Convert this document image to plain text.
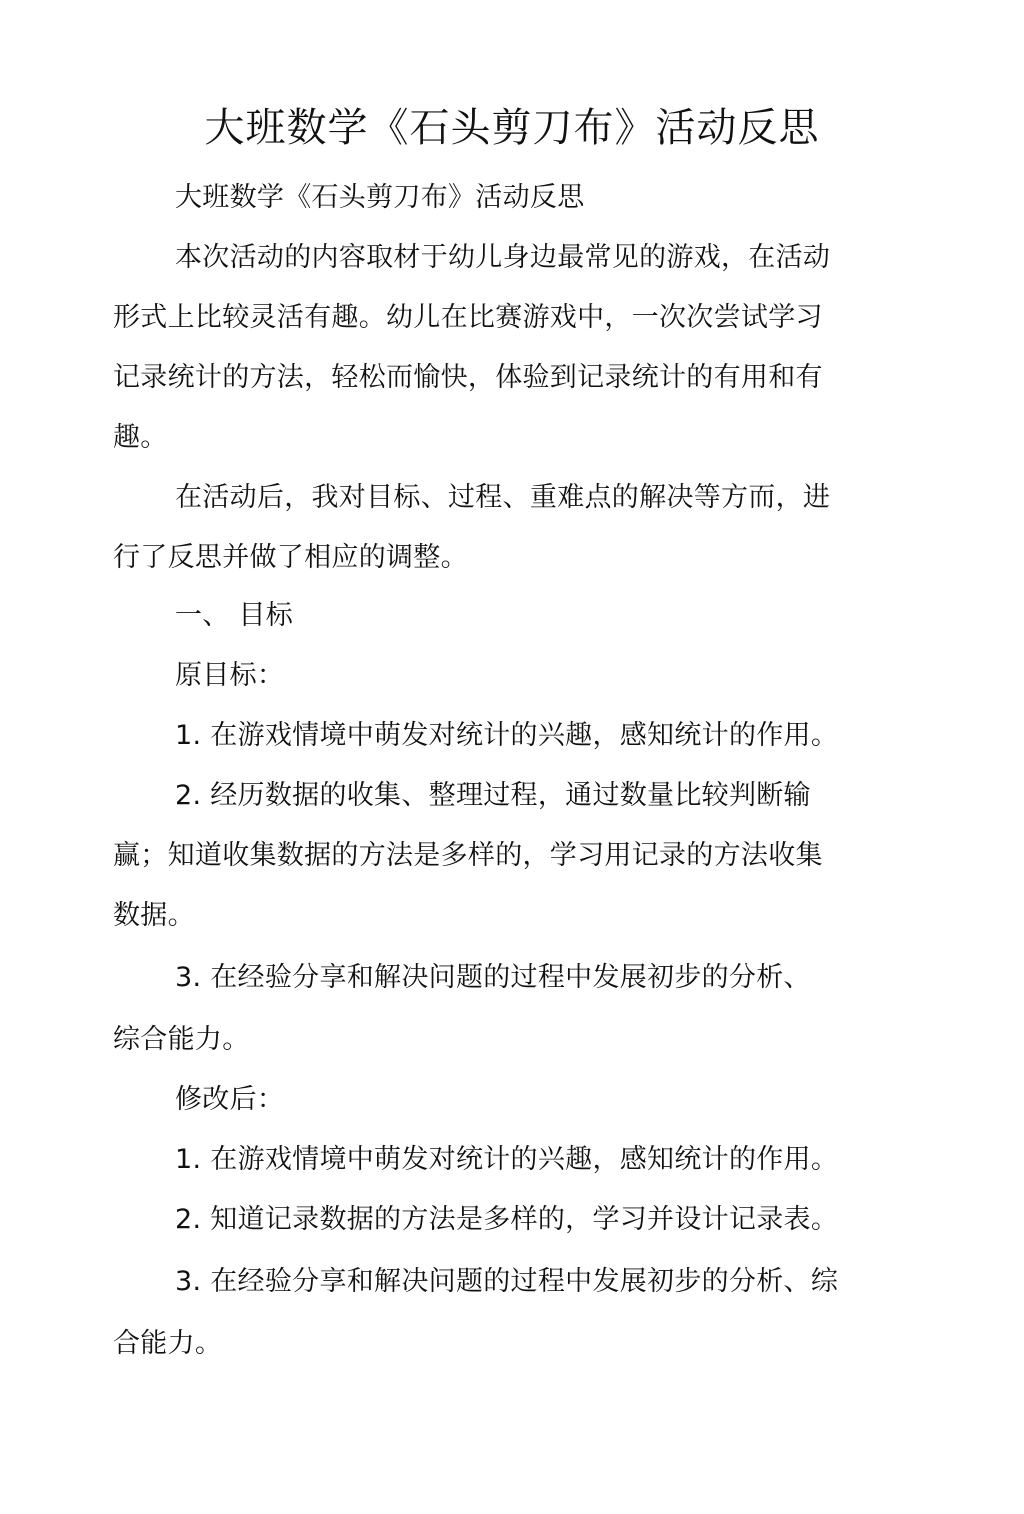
大班数学《石头剪刀布》活动反思
大班数学《石头剪刀布》活动反思
本次活动的内容取材于幼儿身边最常见的游戏，在活动
形式上比较灵活有趣。幼儿在比赛游戏中，一次次尝试学习
记录统计的方法，轻松而愉快，体验到记录统计的有用和有
趣。
在活动后，我对目标、过程、重难点的解决等方而，进
行了反思并做了相应的调整。
一、 目标
原目标：
1. 在游戏情境中萌发对统计的兴趣，感知统计的作用。
2. 经历数据的收集、整理过程，通过数量比较判断输
赢；知道收集数据的方法是多样的，学习用记录的方法收集
数据。
3. 在经验分享和解决问题的过程中发展初步的分析、
综合能力。
修改后：
1. 在游戏情境中萌发对统计的兴趣，感知统计的作用。
2. 知道记录数据的方法是多样的，学习并设计记录表。
3. 在经验分享和解决问题的过程中发展初步的分析、综
合能力。
